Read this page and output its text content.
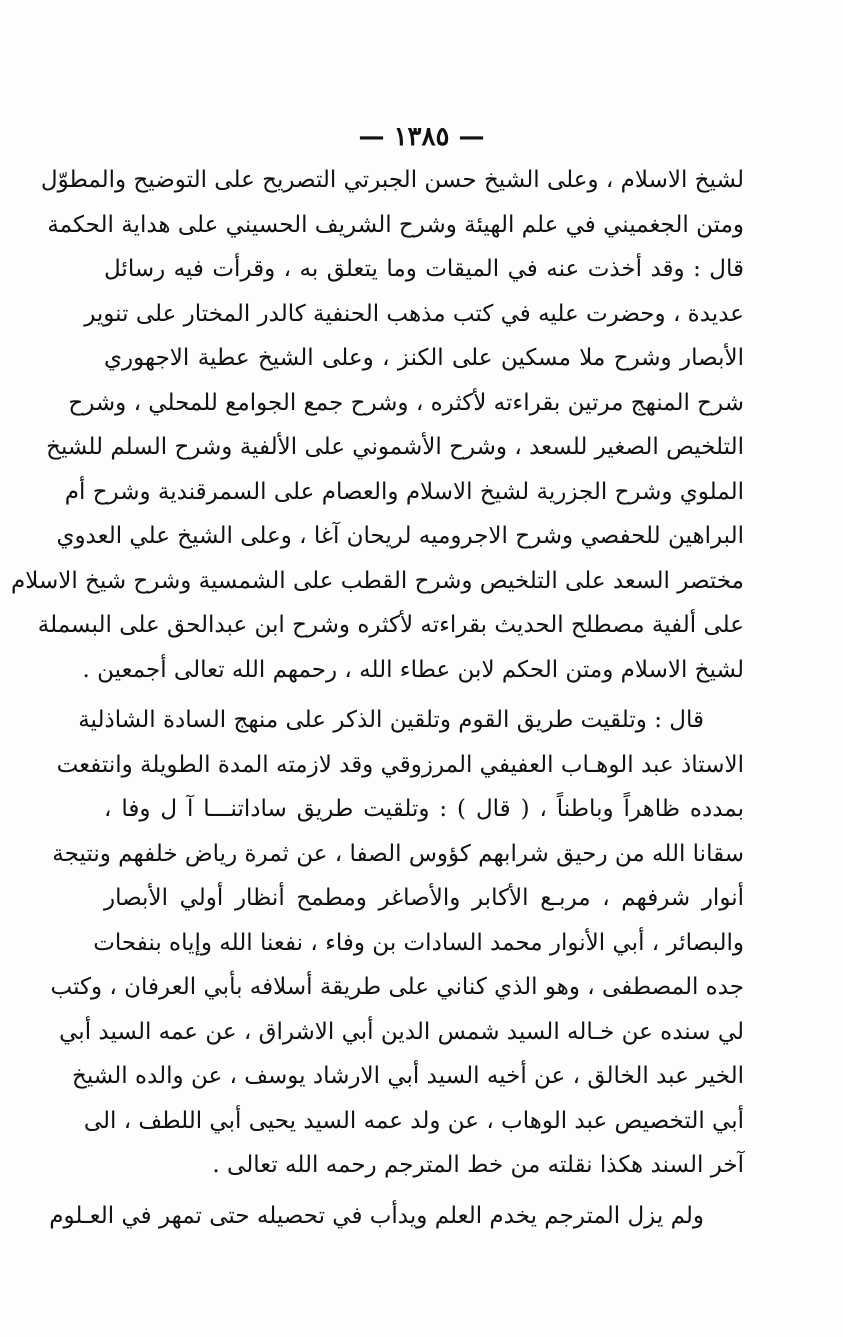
— ١٣٨٥ —
لشيخ الاسلام ، وعلى الشيخ حسن الجبرتي التصريح على التوضيح والمطوّل
ومتن الجغميني في علم الهيئة وشرح الشريف الحسيني على هداية الحكمة
قال : وقد أخذت عنه في الميقات وما يتعلق به ، وقرأت فيه رسائل
عديدة ، وحضرت عليه في كتب مذهب الحنفية كالدر المختار على تنوير
الأبصار وشرح ملا مسكين على الكنز ، وعلى الشيخ عطية الاجهوري
شرح المنهج مرتين بقراءته لأكثره ، وشرح جمع الجوامع للمحلي ، وشرح
التلخيص الصغير للسعد ، وشرح الأشموني على الألفية وشرح السلم للشيخ
الملوي وشرح الجزرية لشيخ الاسلام والعصام على السمرقندية وشرح أم
البراهين للحفصي وشرح الاجروميه لريحان آغا ، وعلى الشيخ علي العدوي
مختصر السعد على التلخيص وشرح القطب على الشمسية وشرح شيخ الاسلام
على ألفية مصطلح الحديث بقراءته لأكثره وشرح ابن عبدالحق على البسملة
لشيخ الاسلام ومتن الحكم لابن عطاء الله ، رحمهم الله تعالى أجمعين .
قال : وتلقيت طريق القوم وتلقين الذكر على منهج السادة الشاذلية
الاستاذ عبد الوهـاب العفيفي المرزوقي وقد لازمته المدة الطويلة وانتفعت
بمدده ظاهراً وباطناً ، ( قال ) : وتلقيت طريق ساداتنـــا آ ل وفا ،
سقانا الله من رحيق شرابهم كؤوس الصفا ، عن ثمرة رياض خلفهم ونتيجة
أنوار شرفهم ، مربـع الأكابر والأصاغر ومطمح أنظار أولي الأبصار
والبصائر ، أبي الأنوار محمد السادات بن وفاء ، نفعنا الله وإياه بنفحات
جده المصطفى ، وهو الذي كناني على طريقة أسلافه بأبي العرفان ، وكتب
لي سنده عن خـاله السيد شمس الدين أبي الاشراق ، عن عمه السيد أبي
الخير عبد الخالق ، عن أخيه السيد أبي الارشاد يوسف ، عن والده الشيخ
أبي التخصيص عبد الوهاب ، عن ولد عمه السيد يحيى أبي اللطف ، الى
آخر السند هكذا نقلته من خط المترجم رحمه الله تعالى .
ولم يزل المترجم يخدم العلم ويدأب في تحصيله حتى تمهر في العـلوم
